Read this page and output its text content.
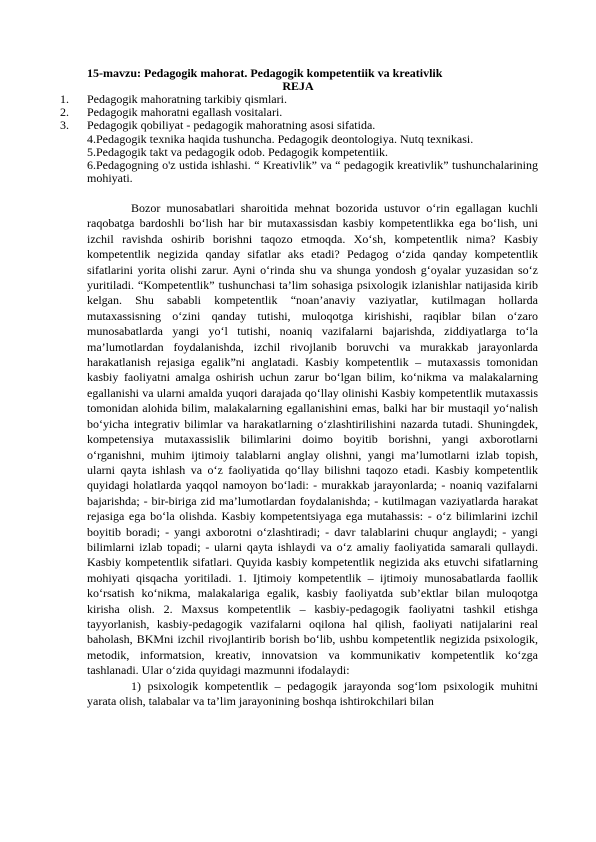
15-mavzu: Pedagogik mahorat. Pedagogik kompetentiik va kreativlik
REJA
1.	Pedagogik mahoratning tarkibiy qismlari.
2.	Pedagogik mahoratni egallash vositalari.
3.	Pedagogik qobiliyat - pedagogik mahoratning asosi sifatida.
4.Pedagogik texnika haqida tushuncha. Pedagogik deontologiya. Nutq texnikasi.
5.Pedagogik takt va pedagogik odob. Pedagogik kompetentiik.
6.Pedagogning o'z ustida ishlashi. “ Kreativlik” va “ pedagogik kreativlik” tushunchalarining mohiyati.

Bozor munosabatlari sharoitida mehnat bozorida ustuvor o‘rin egallagan kuchli raqobatga bardoshli bo‘lish har bir mutaxassisdan kasbiy kompetentlikka ega bo‘lish, uni izchil ravishda oshirib borishni taqozo etmoqda. Xo‘sh, kompetentlik nima? Kasbiy kompetentlik negizida qanday sifatlar aks etadi? Pedagog o‘zida qanday kompetentlik sifatlarini yorita olishi zarur. Ayni o‘rinda shu va shunga yondosh g‘oyalar yuzasidan so‘z yuritiladi. “Kompetentlik” tushunchasi ta’lim sohasiga psixologik izlanishlar natijasida kirib kelgan. Shu sababli kompetentlik “noan’anaviy vaziyatlar, kutilmagan hollarda mutaxassisning o‘zini qanday tutishi, muloqotga kirishishi, raqiblar bilan o‘zaro munosabatlarda yangi yo‘l tutishi, noaniq vazifalarni bajarishda, ziddiyatlarga to‘la ma’lumotlardan foydalanishda, izchil rivojlanib boruvchi va murakkab jarayonlarda harakatlanish rejasiga egalik”ni anglatadi. Kasbiy kompetentlik – mutaxassis tomonidan kasbiy faoliyatni amalga oshirish uchun zarur bo‘lgan bilim, ko‘nikma va malakalarning egallanishi va ularni amalda yuqori darajada qo‘llay olinishi Kasbiy kompetentlik mutaxassis tomonidan alohida bilim, malakalarning egallanishini emas, balki har bir mustaqil yo‘nalish bo‘yicha integrativ bilimlar va harakatlarning o‘zlashtirilishini nazarda tutadi. Shuningdek, kompetensiya mutaxassislik bilimlarini doimo boyitib borishni, yangi axborotlarni o‘rganishni, muhim ijtimoiy talablarni anglay olishni, yangi ma’lumotlarni izlab topish, ularni qayta ishlash va o‘z faoliyatida qo‘llay bilishni taqozo etadi. Kasbiy kompetentlik quyidagi holatlarda yaqqol namoyon bo‘ladi: - murakkab jarayonlarda; - noaniq vazifalarni bajarishda; - bir-biriga zid ma’lumotlardan foydalanishda; - kutilmagan vaziyatlarda harakat rejasiga ega bo‘la olishda. Kasbiy kompetentsiyaga ega mutahassis: - o‘z bilimlarini izchil boyitib boradi; - yangi axborotni o‘zlashtiradi; - davr talablarini chuqur anglaydi; - yangi bilimlarni izlab topadi; - ularni qayta ishlaydi va o‘z amaliy faoliyatida samarali qullaydi. Kasbiy kompetentlik sifatlari. Quyida kasbiy kompetentlik negizida aks etuvchi sifatlarning mohiyati qisqacha yoritiladi. 1. Ijtimoiy kompetentlik – ijtimoiy munosabatlarda faollik ko‘rsatish ko‘nikma, malakalariga egalik, kasbiy faoliyatda sub’ektlar bilan muloqotga kirisha olish. 2. Maxsus kompetentlik – kasbiy-pedagogik faoliyatni tashkil etishga tayyorlanish, kasbiy-pedagogik vazifalarni oqilona hal qilish, faoliyati natijalarini real baholash, BKMni izchil rivojlantirib borish bo‘lib, ushbu kompetentlik negizida psixologik, metodik, informatsion, kreativ, innovatsion va kommunikativ kompetentlik ko‘zga tashlanadi. Ular o‘zida quyidagi mazmunni ifodalaydi:

1) psixologik kompetentlik – pedagogik jarayonda sog‘lom psixologik muhitni yarata olish, talabalar va ta’lim jarayonining boshqa ishtirokchilari bilan
